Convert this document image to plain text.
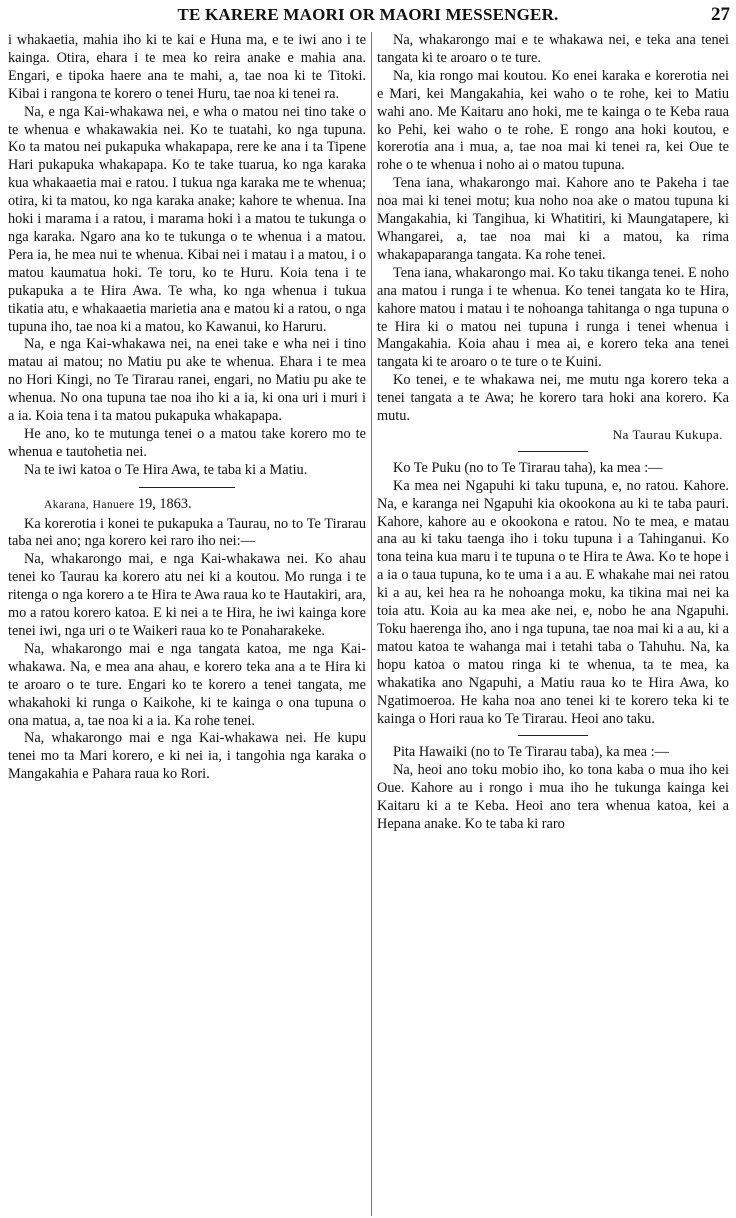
TE KARERE MAORI OR MAORI MESSENGER.	27

i whakaetia, mahia iho ki te kai e Huna ma, e te iwi ano i te kainga. Otira, ehara i te mea ko reira anake e mahia ana. Engari, e tipoka haere ana te mahi, a, tae noa ki te Titoki. Kibai i rangona te korero o tenei Huru, tae noa ki tenei ra.

Na, e nga Kai-whakawa nei, e wha o matou nei tino take o te whenua e whakawakia nei. Ko te tuatahi, ko nga tupuna. Ko ta matou nei pukapuka whakapapa, rere ke ana i ta Tipene Hari pukapuka whakapapa. Ko te take tuarua, ko nga karaka kua whakaaetia mai e ratou. I tukua nga karaka me te whenua; otira, ki ta matou, ko nga karaka anake; kahore te whenua. Ina hoki i marama i a ratou, i marama hoki i a matou te tukunga o nga karaka. Ngaro ana ko te tukunga o te whenua i a matou. Pera ia, he mea nui te whenua. Kibai nei i matau i a matou, i o matou kaumatua hoki. Te toru, ko te Huru. Koia tena i te pukapuka a te Hira Awa. Te wha, ko nga whenua i tukua tikatia atu, e whakaaetia marietia ana e matou ki a ratou, o nga tupuna iho, tae noa ki a matou, ko Kawanui, ko Haruru.

Na, e nga Kai-whakawa nei, na enei take e wha nei i tino matau ai matou; no Matiu pu ake te whenua. Ehara i te mea no Hori Kingi, no Te Tirarau ranei, engari, no Matiu pu ake te whenua. No ona tupuna tae noa iho ki a ia, ki ona uri i muri i a ia. Koia tena i ta matou pukapuka whakapapa.

He ano, ko te mutunga tenei o a matou take korero mo te whenua e tautohetia nei.

Na te iwi katoa o Te Hira Awa, te taba ki a Matiu.

Akarana, Hanuere 19, 1863.

Ka korerotia i konei te pukapuka a Taurau, no to Te Tirarau taba nei ano; nga korero kei raro iho nei:—

Na, whakarongo mai, e nga Kai-whakawa nei. Ko ahau tenei ko Taurau ka korero atu nei ki a koutou. Mo runga i te ritenga o nga korero a te Hira te Awa raua ko te Hautakiri, ara, mo a ratou korero katoa. E ki nei a te Hira, he iwi kainga kore tenei iwi, nga uri o te Waikeri raua ko te Ponaharakeke.

Na, whakarongo mai e nga tangata katoa, me nga Kai-whakawa. Na, e mea ana ahau, e korero teka ana a te Hira ki te aroaro o te ture. Engari ko te korero a tenei tangata, me whakahoki ki runga o Kaikohe, ki te kainga o ona tupuna o ona matua, a, tae noa ki a ia. Ka rohe tenei.

Na, whakarongo mai e nga Kai-whakawa nei. He kupu tenei mo ta Mari korero, e ki nei ia, i tangohia nga karaka o Mangakahia e Pahara raua ko Rori.

Na, whakarongo mai e te whakawa nei, e teka ana tenei tangata ki te aroaro o te ture.

Na, kia rongo mai koutou. Ko enei karaka e korerotia nei e Mari, kei Mangakahia, kei waho o te rohe, kei to Matiu wahi ano. Me Kaitaru ano hoki, me te kainga o te Keba raua ko Pehi, kei waho o te rohe. E rongo ana hoki koutou, e korerotia ana i mua, a, tae noa mai ki tenei ra, kei Oue te rohe o te whenua i noho ai o matou tupuna.

Tena iana, whakarongo mai. Kahore ano te Pakeha i tae noa mai ki tenei motu; kua noho noa ake o matou tupuna ki Mangakahia, ki Tangihua, ki Whatitiri, ki Maungatapere, ki Whangarei, a, tae noa mai ki a matou, ka rima whakapaparanga tangata. Ka rohe tenei.

Tena iana, whakarongo mai. Ko taku tikanga tenei. E noho ana matou i runga i te whenua. Ko tenei tangata ko te Hira, kahore matou i matau i te nohoanga tahitanga o nga tupuna o te Hira ki o matou nei tupuna i runga i tenei whenua i Mangakahia. Koia ahau i mea ai, e korero teka ana tenei tangata ki te aroaro o te ture o te Kuini.

Ko tenei, e te whakawa nei, me mutu nga korero teka a tenei tangata a te Awa; he korero tara hoki ana korero. Ka mutu.

Na Taurau Kukupa.

Ko Te Puku (no to Te Tirarau taha), ka mea :—

Ka mea nei Ngapuhi ki taku tupuna, e, no ratou. Kahore. Na, e karanga nei Ngapuhi kia okookona au ki te taba pauri. Kahore, kahore au e okookona e ratou. No te mea, e matau ana au ki taku taenga iho i toku tupuna i a Tahinganui. Ko tona teina kua maru i te tupuna o te Hira te Awa. Ko te hope i a ia o taua tupuna, ko te uma i a au. E whakahe mai nei ratou ki a au, kei hea ra he nohoanga moku, ka tikina mai nei ka toia atu. Koia au ka mea ake nei, e, nobo he ana Ngapuhi. Toku haerenga iho, ano i nga tupuna, tae noa mai ki a au, ki a matou katoa te wahanga mai i tetahi taba o Tahuhu. Na, ka hopu katoa o matou ringa ki te whenua, ta te mea, ka whakatika ano Ngapuhi, a Matiu raua ko te Hira Awa, ko Ngatimoeroa. He kaha noa ano tenei ki te korero teka ki te kainga o Hori raua ko Te Tirarau. Heoi ano taku.

Pita Hawaiki (no to Te Tirarau taba), ka mea :—

Na, heoi ano toku mobio iho, ko tona kaba o mua iho kei Oue. Kahore au i rongo i mua iho he tukunga kainga kei Kaitaru ki a te Keba. Heoi ano tera whenua katoa, kei a Hepana anake. Ko te taba ki raro
